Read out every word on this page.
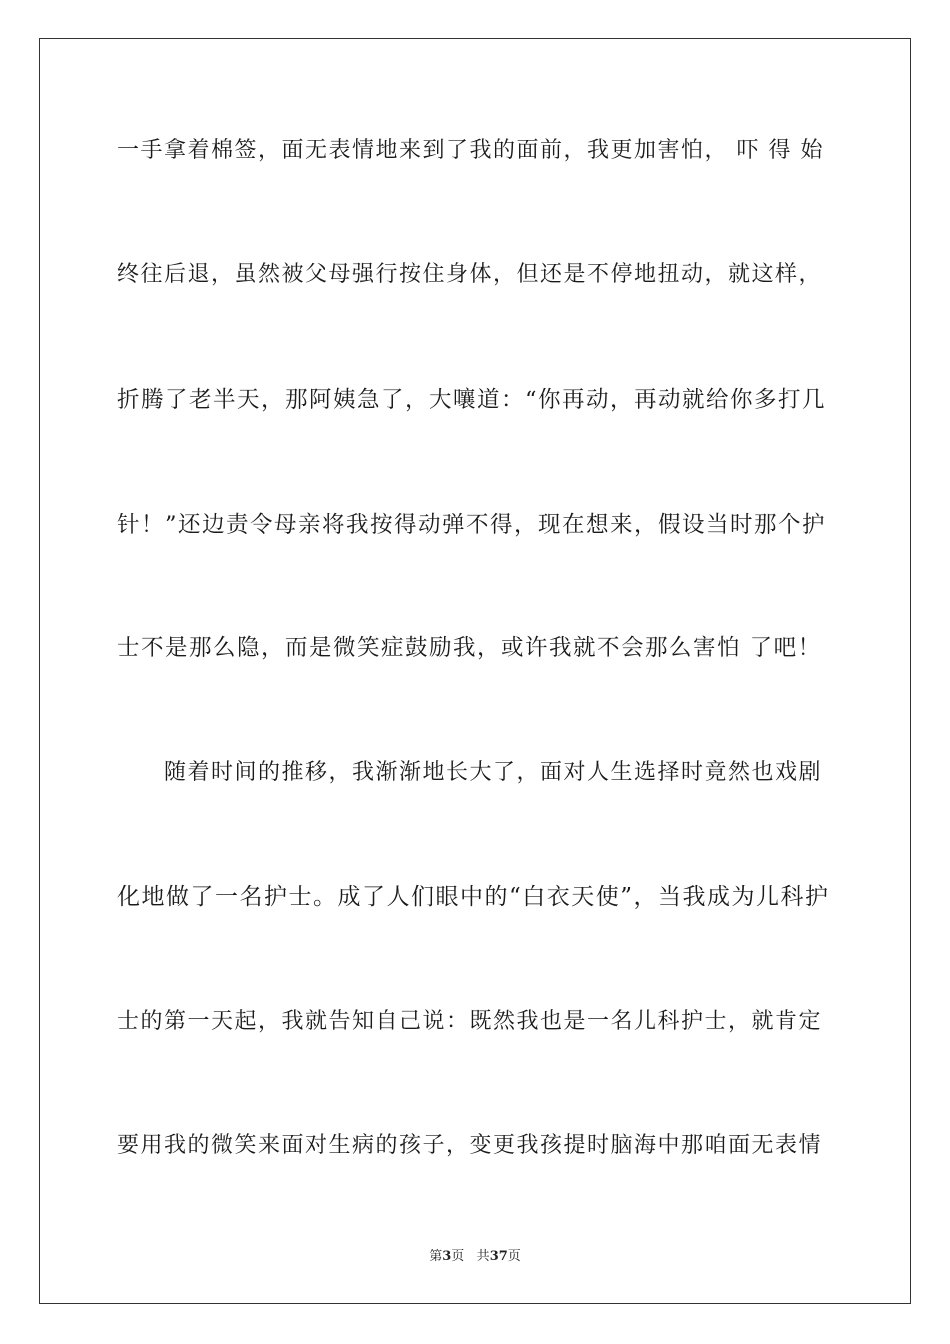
一手拿着棉签，面无表情地来到了我的面前，我更加害怕， 吓 得 始
终往后退，虽然被父母强行按住身体，但还是不停地扭动，就这样，
折腾了老半天，那阿姨急了，大嚷道：“你再动，再动就给你多打几
针！”还边责令母亲将我按得动弹不得，现在想来，假设当时那个护
士不是那么隐，而是微笑症鼓励我，或许我就不会那么害怕 了吧！
随着时间的推移，我渐渐地长大了，面对人生选择时竟然也戏剧
化地做了一名护士。成了人们眼中的“白衣天使”，当我成为儿科护
士的第一天起，我就告知自己说：既然我也是一名儿科护士，就肯定
要用我的微笑来面对生病的孩子，变更我孩提时脑海中那咱面无表情
第3页 共37页
